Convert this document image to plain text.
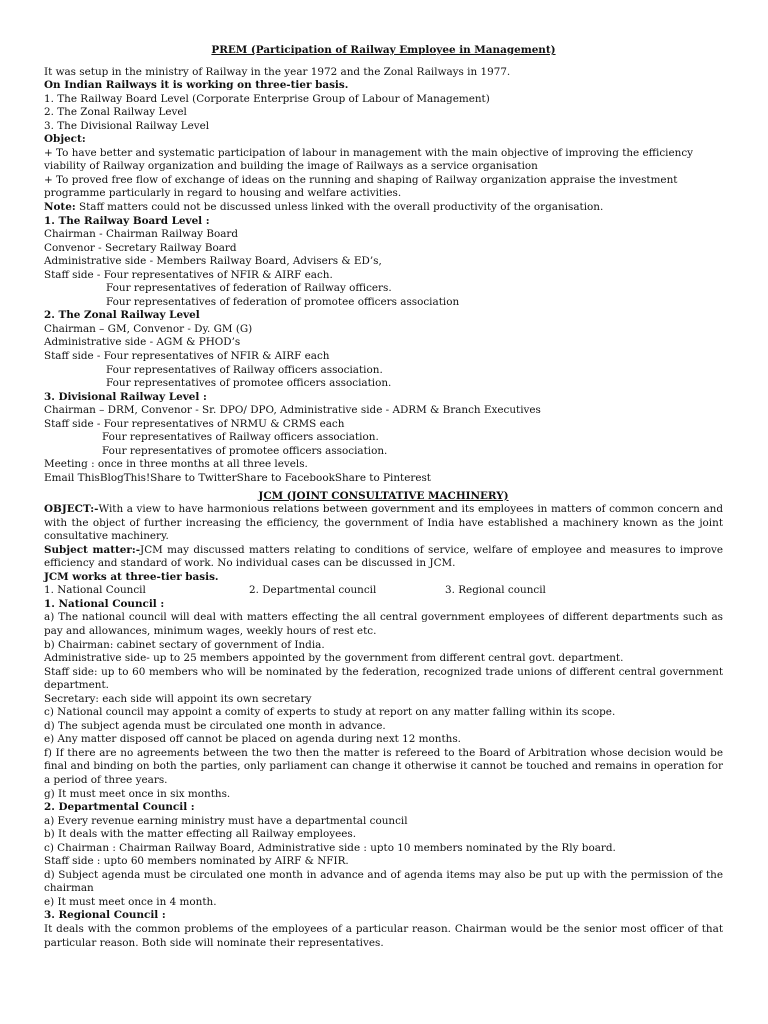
PREM (Participation of Railway Employee in Management)
It was setup in the ministry of Railway in the year 1972 and the Zonal Railways in 1977.
On Indian Railways it is working on three-tier basis.
1. The Railway Board Level (Corporate Enterprise Group of Labour of Management)
2. The Zonal Railway Level
3. The Divisional Railway Level
Object:
+ To have better and systematic participation of labour in management with the main objective of improving the efficiency
viability of Railway organization and building the image of Railways as a service organisation
+ To proved free flow of exchange of ideas on the running and shaping of Railway organization appraise the investment
programme particularly in regard to housing and welfare activities.
Note: Staff matters could not be discussed unless linked with the overall productivity of the organisation.
1. The Railway Board Level :
Chairman - Chairman Railway Board
Convenor - Secretary Railway Board
Administrative side - Members Railway Board, Advisers & ED’s,
Staff side - Four representatives of NFIR & AIRF each.
Four representatives of federation of Railway officers.
Four representatives of federation of promotee officers association
2. The Zonal Railway Level
Chairman – GM, Convenor - Dy. GM (G)
Administrative side - AGM & PHOD’s
Staff side - Four representatives of NFIR & AIRF each
Four representatives of Railway officers association.
Four representatives of promotee officers association.
3. Divisional Railway Level :
Chairman – DRM, Convenor - Sr. DPO/ DPO, Administrative side - ADRM & Branch Executives
Staff side - Four representatives of NRMU & CRMS each
Four representatives of Railway officers association.
Four representatives of promotee officers association.
Meeting : once in three months at all three levels.
Email ThisBlogThis!Share to TwitterShare to FacebookShare to Pinterest
JCM (JOINT CONSULTATIVE MACHINERY)
OBJECT:-With a view to have harmonious relations between government and its employees in matters of common concern and with the object of further increasing the efficiency, the government of India have established a machinery known as the joint consultative machinery.
Subject matter:-JCM may discussed matters relating to conditions of service, welfare of employee and measures to improve efficiency and standard of work. No individual cases can be discussed in JCM.
JCM works at three-tier basis.
1. National Council	2. Departmental council	3. Regional council
1. National Council :
a) The national council will deal with matters effecting the all central government employees of different departments such as pay and allowances, minimum wages, weekly hours of rest etc.
b) Chairman: cabinet sectary of government of India.
Administrative side- up to 25 members appointed by the government from different central govt. department.
Staff side: up to 60 members who will be nominated by the federation, recognized trade unions of different central government department.
Secretary: each side will appoint its own secretary
c) National council may appoint a comity of experts to study at report on any matter falling within its scope.
d) The subject agenda must be circulated one month in advance.
e) Any matter disposed off cannot be placed on agenda during next 12 months.
f) If there are no agreements between the two then the matter is refereed to the Board of Arbitration whose decision would be final and binding on both the parties, only parliament can change it otherwise it cannot be touched and remains in operation for a period of three years.
g) It must meet once in six months.
2. Departmental Council :
a) Every revenue earning ministry must have a departmental council
b) It deals with the matter effecting all Railway employees.
c) Chairman : Chairman Railway Board, Administrative side : upto 10 members nominated by the Rly board.
Staff side : upto 60 members nominated by AIRF & NFIR.
d) Subject agenda must be circulated one month in advance and of agenda items may also be put up with the permission of the chairman
e) It must meet once in 4 month.
3. Regional Council :
It deals with the common problems of the employees of a particular reason. Chairman would be the senior most officer of that particular reason. Both side will nominate their representatives.
